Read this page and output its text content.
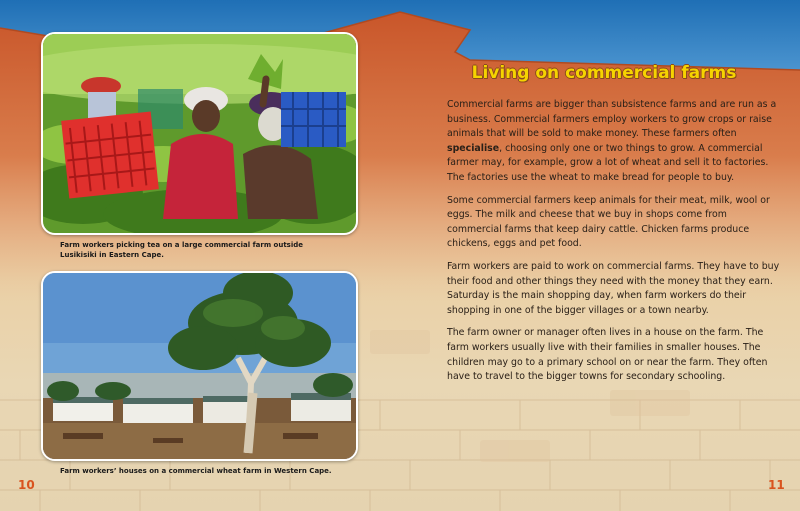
Farm workers picking tea on a large commercial farm outside Lusikisiki in Eastern Cape.
Farm workers’ houses on a commercial wheat farm in Western Cape.
10
Living on commercial farms

Commercial farms are bigger than subsistence farms and are run as a business. Commercial farmers employ workers to grow crops or raise animals that will be sold to make money. These farmers often specialise, choosing only one or two things to grow. A commercial farmer may, for example, grow a lot of wheat and sell it to factories. The factories use the wheat to make bread for people to buy.

Some commercial farmers keep animals for their meat, milk, wool or eggs. The milk and cheese that we buy in shops come from commercial farms that keep dairy cattle. Chicken farms produce chickens, eggs and pet food.

Farm workers are paid to work on commercial farms. They have to buy their food and other things they need with the money that they earn. Saturday is the main shopping day, when farm workers do their shopping in one of the bigger villages or a town nearby.

The farm owner or manager often lives in a house on the farm. The farm workers usually live with their families in smaller houses. The children may go to a primary school on or near the farm. They often have to travel to the bigger towns for secondary schooling.

11
